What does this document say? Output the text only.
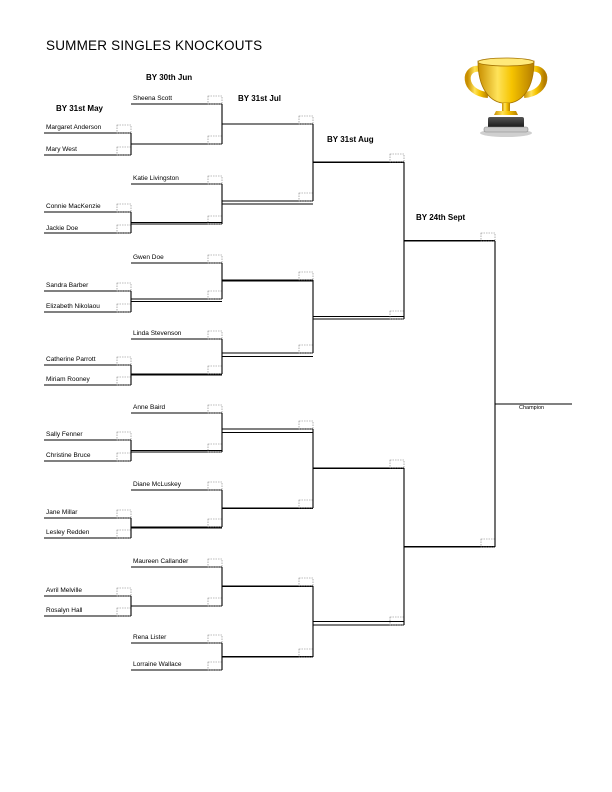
SUMMER SINGLES KNOCKOUTS
BY 30th Jun
BY 31st May
BY 31st Jul
BY 31st Aug
BY 24th Sept
Margaret Anderson
Mary West
Connie MacKenzie
Jackie Doe
Sandra Barber
Elizabeth Nikolaou
Catherine Parrott
Miriam Rooney
Sally Fenner
Christine Bruce
Jane Millar
Lesley Redden
Avril Melville
Rosalyn Hall
Sheena Scott
Katie Livingston
Gwen Doe
Linda Stevenson
Anne Baird
Diane McLuskey
Maureen Callander
Rena Lister
Lorraine Wallace
Champion
